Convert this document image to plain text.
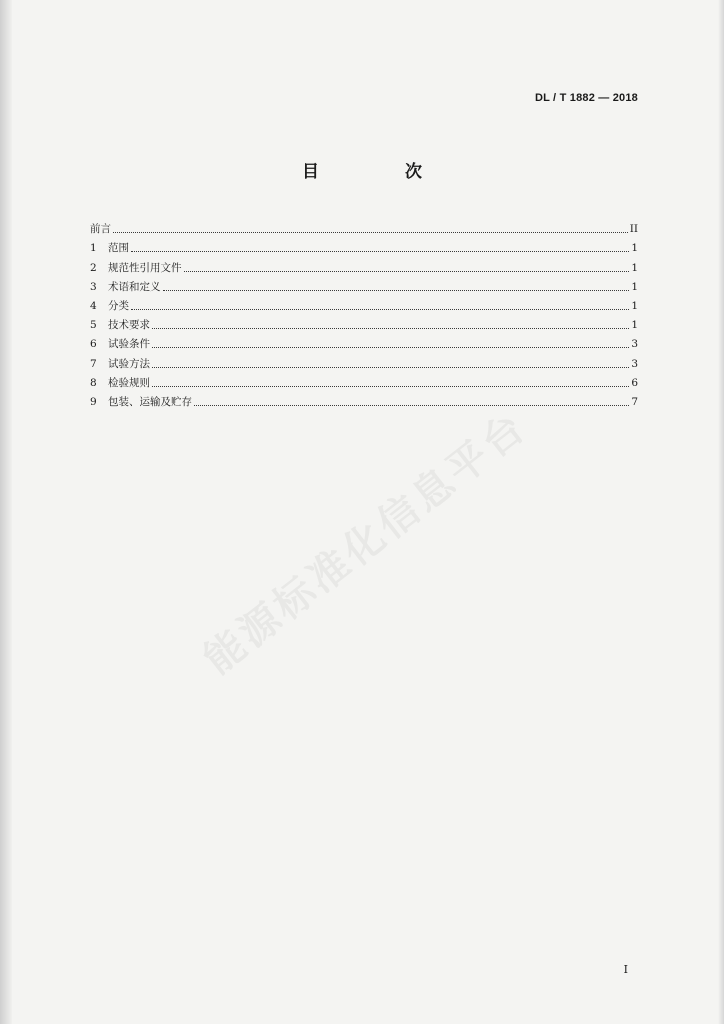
能源标准化信息平台
DL / T 1882 — 2018
目 次
前言	II
1	范围	1
2	规范性引用文件	1
3	术语和定义	1
4	分类	1
5	技术要求	1
6	试验条件	3
7	试验方法	3
8	检验规则	6
9	包装、运输及贮存	7
I
